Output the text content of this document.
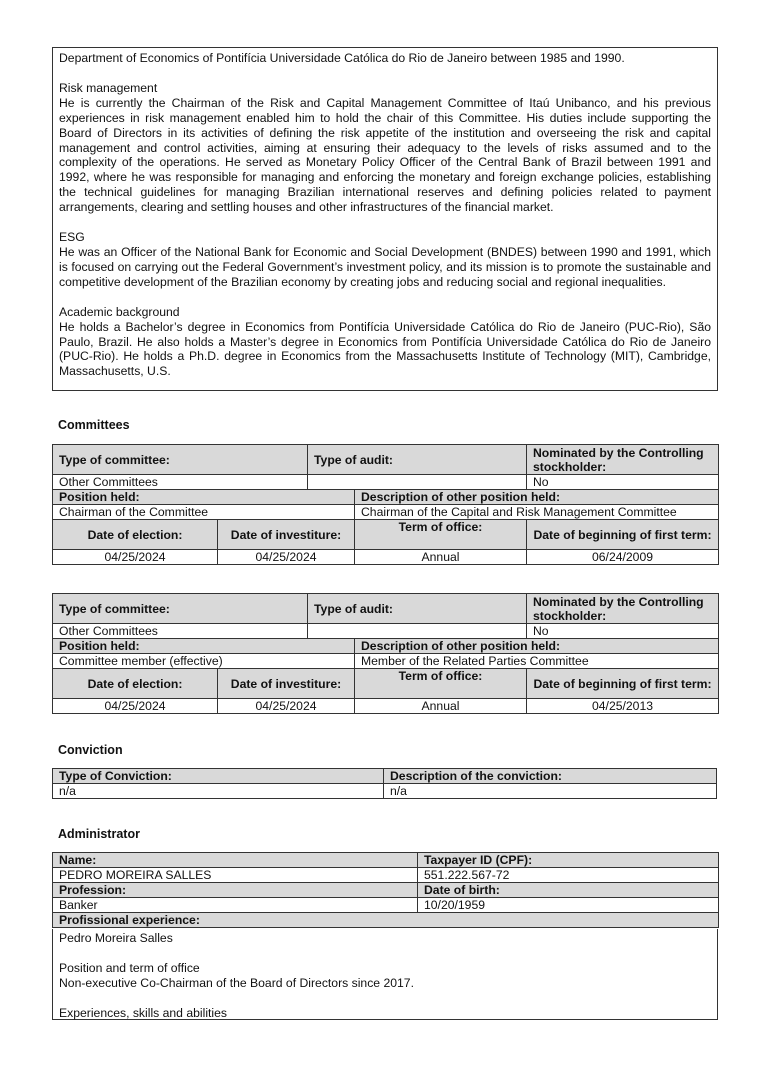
Department of Economics of Pontifícia Universidade Católica do Rio de Janeiro between 1985 and 1990.

Risk management
He is currently the Chairman of the Risk and Capital Management Committee of Itaú Unibanco, and his previous experiences in risk management enabled him to hold the chair of this Committee. His duties include supporting the Board of Directors in its activities of defining the risk appetite of the institution and overseeing the risk and capital management and control activities, aiming at ensuring their adequacy to the levels of risks assumed and to the complexity of the operations. He served as Monetary Policy Officer of the Central Bank of Brazil between 1991 and 1992, where he was responsible for managing and enforcing the monetary and foreign exchange policies, establishing the technical guidelines for managing Brazilian international reserves and defining policies related to payment arrangements, clearing and settling houses and other infrastructures of the financial market.

ESG
He was an Officer of the National Bank for Economic and Social Development (BNDES) between 1990 and 1991, which is focused on carrying out the Federal Government’s investment policy, and its mission is to promote the sustainable and competitive development of the Brazilian economy by creating jobs and reducing social and regional inequalities.

Academic background
He holds a Bachelor’s degree in Economics from Pontifícia Universidade Católica do Rio de Janeiro (PUC-Rio), São Paulo, Brazil. He also holds a Master’s degree in Economics from Pontifícia Universidade Católica do Rio de Janeiro (PUC-Rio). He holds a Ph.D. degree in Economics from the Massachusetts Institute of Technology (MIT), Cambridge, Massachusetts, U.S.

Committees
Type of committee:		Type of audit:		Nominated by the Controlling stockholder:
Other Committees				No
Position held:			Description of other position held:	
Chairman of the Committee			Chairman of the Capital and Risk Management Committee	
Date of election:	Date of investiture:		Term of office:	Date of beginning of first term:
04/25/2024	04/25/2024		Annual	06/24/2009
Type of committee:		Type of audit:		Nominated by the Controlling stockholder:
Other Committees				No
Position held:			Description of other position held:	
Committee member (effective)			Member of the Related Parties Committee	
Date of election:	Date of investiture:		Term of office:	Date of beginning of first term:
04/25/2024	04/25/2024		Annual	04/25/2013
Conviction
Type of Conviction:	Description of the conviction:
n/a	n/a
Administrator
Name:	Taxpayer ID (CPF):
PEDRO MOREIRA SALLES	551.222.567-72
Profession:	Date of birth:
Banker	10/20/1959
Profissional experience:	

Pedro Moreira Salles

Position and term of office
Non-executive Co-Chairman of the Board of Directors since 2017.

Experiences, skills and abilities
